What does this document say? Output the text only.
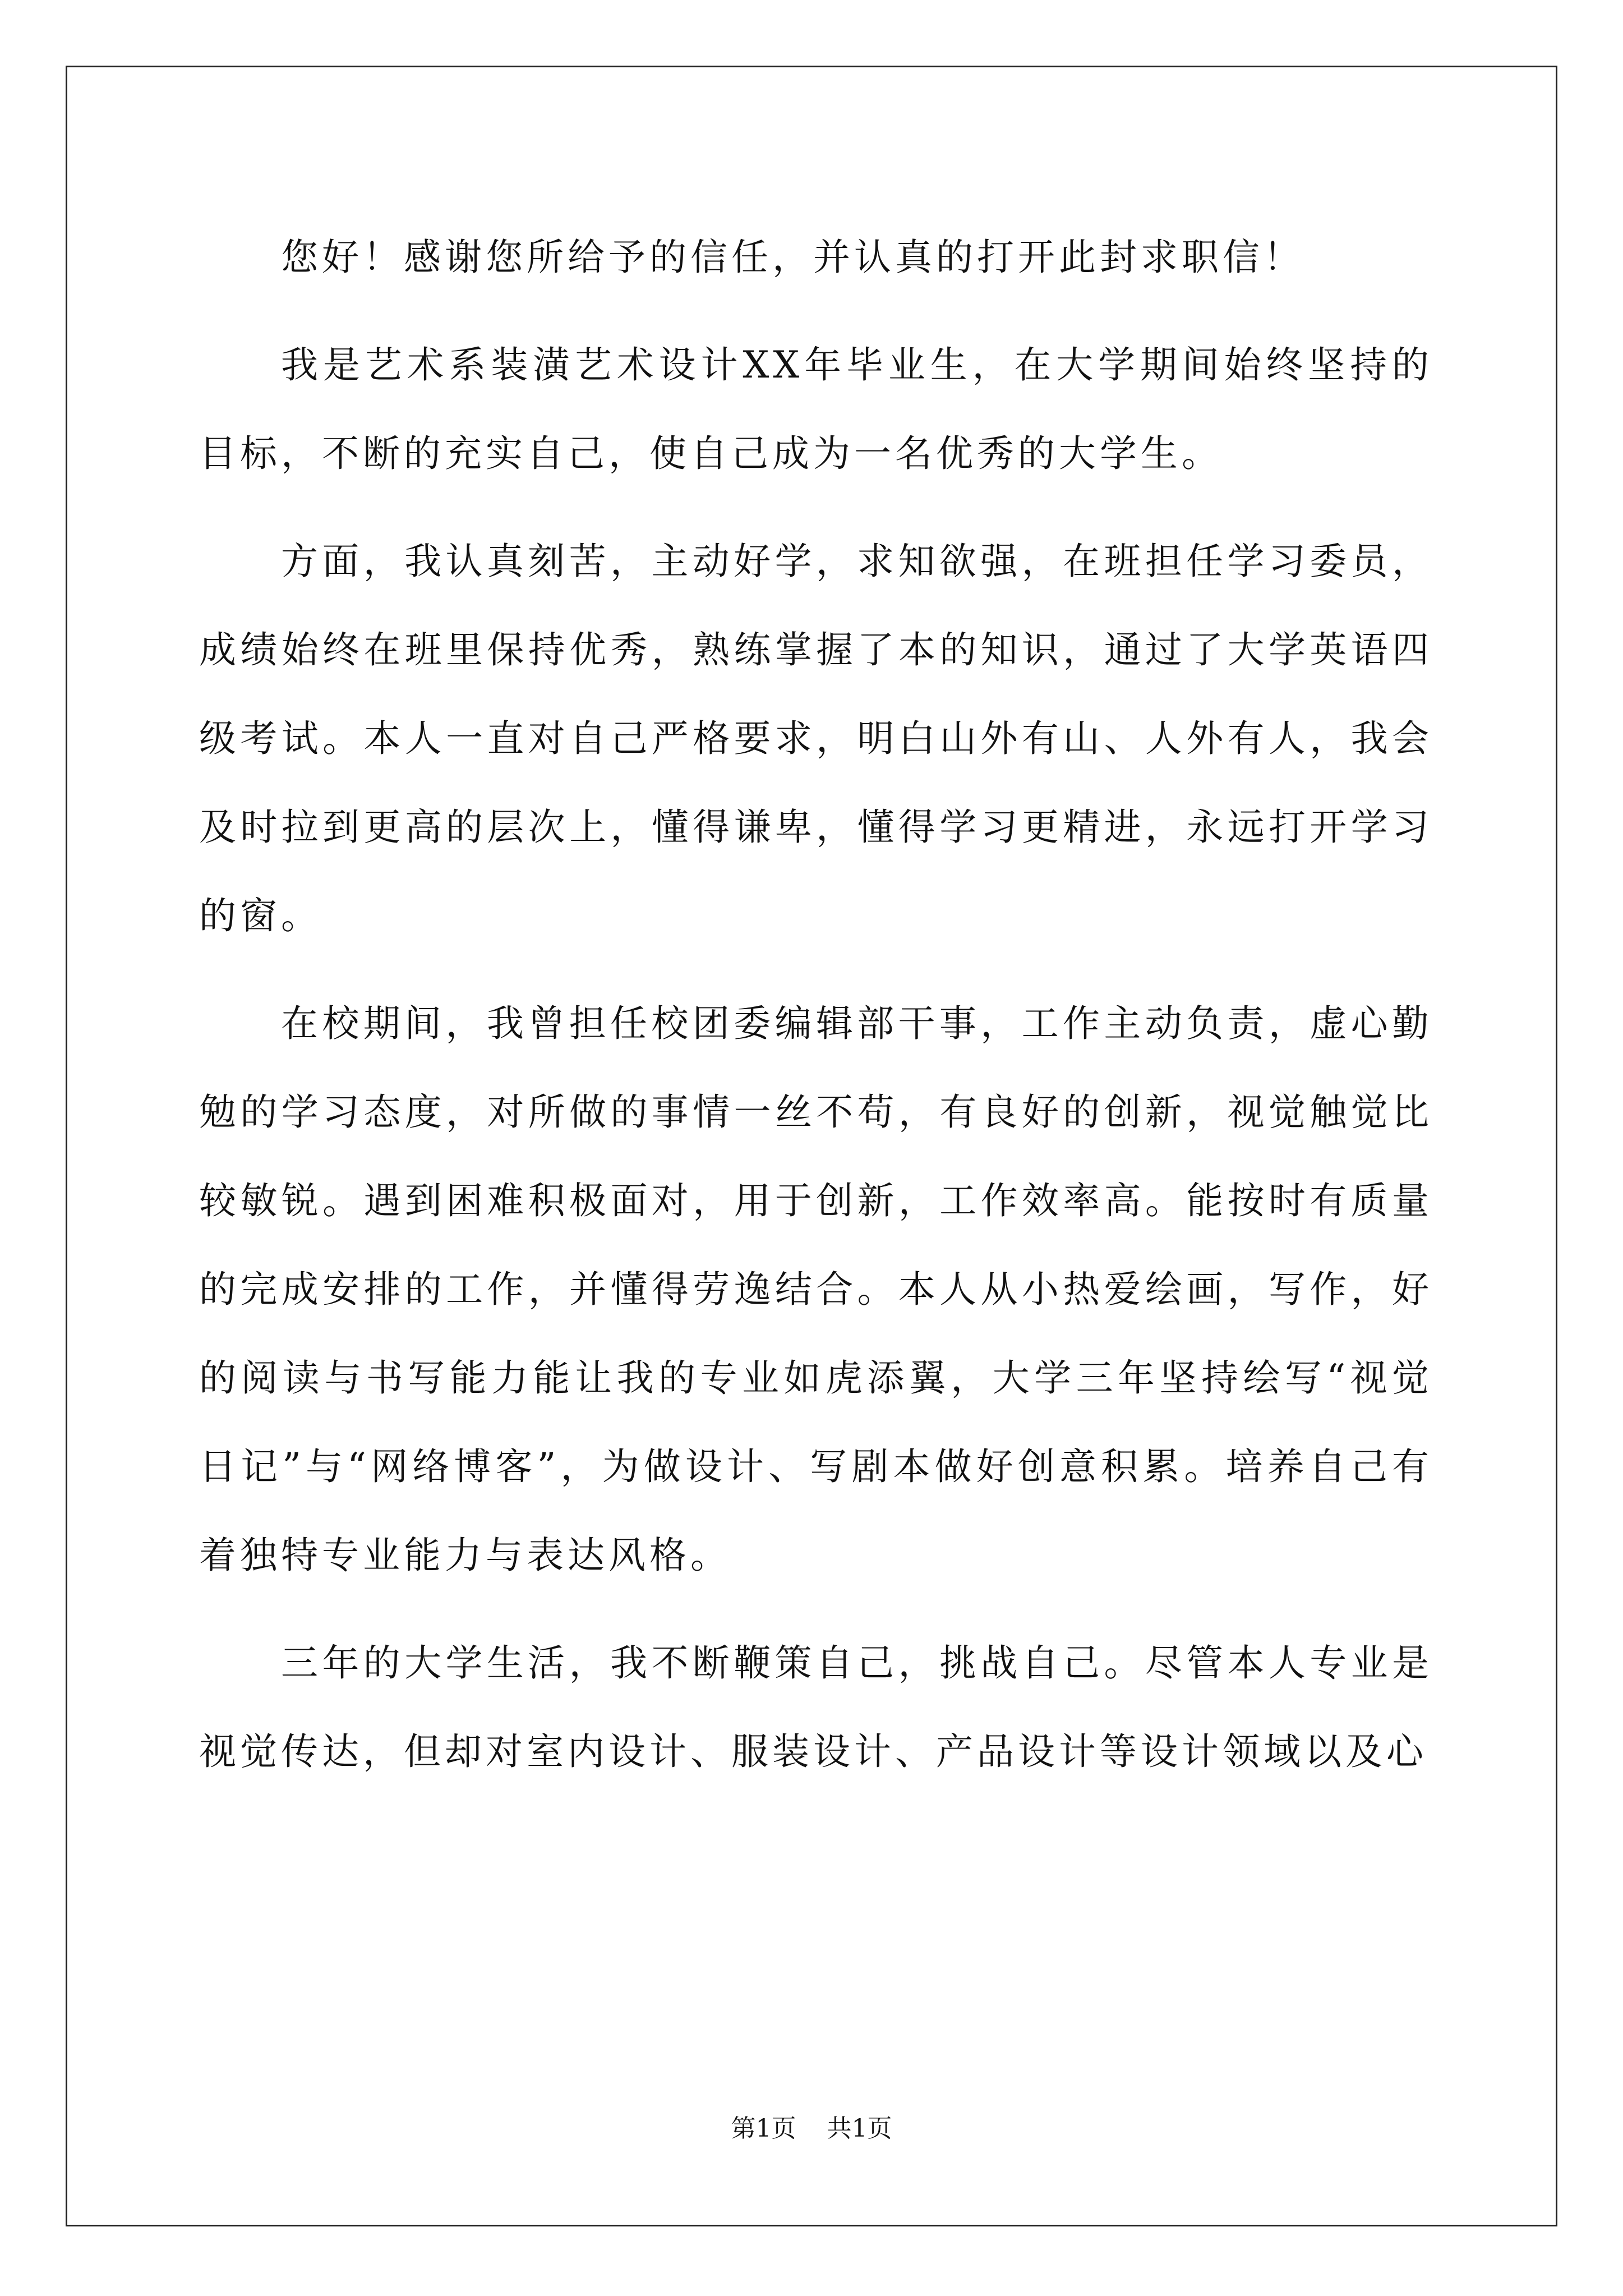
您好！感谢您所给予的信任，并认真的打开此封求职信！

我是艺术系装潢艺术设计XX年毕业生，在大学期间始终坚持的目标，不断的充实自己，使自己成为一名优秀的大学生。

方面，我认真刻苦，主动好学，求知欲强，在班担任学习委员，成绩始终在班里保持优秀，熟练掌握了本的知识，通过了大学英语四级考试。本人一直对自己严格要求，明白山外有山、人外有人，我会及时拉到更高的层次上，懂得谦卑，懂得学习更精进，永远打开学习的窗。

在校期间，我曾担任校团委编辑部干事，工作主动负责，虚心勤勉的学习态度，对所做的事情一丝不苟，有良好的创新，视觉触觉比较敏锐。遇到困难积极面对，用于创新，工作效率高。能按时有质量的完成安排的工作，并懂得劳逸结合。本人从小热爱绘画，写作，好的阅读与书写能力能让我的专业如虎添翼，大学三年坚持绘写“视觉日记”与“网络博客”，为做设计、写剧本做好创意积累。培养自己有着独特专业能力与表达风格。

三年的大学生活，我不断鞭策自己，挑战自己。尽管本人专业是视觉传达，但却对室内设计、服装设计、产品设计等设计领域以及心

第1页 共1页
